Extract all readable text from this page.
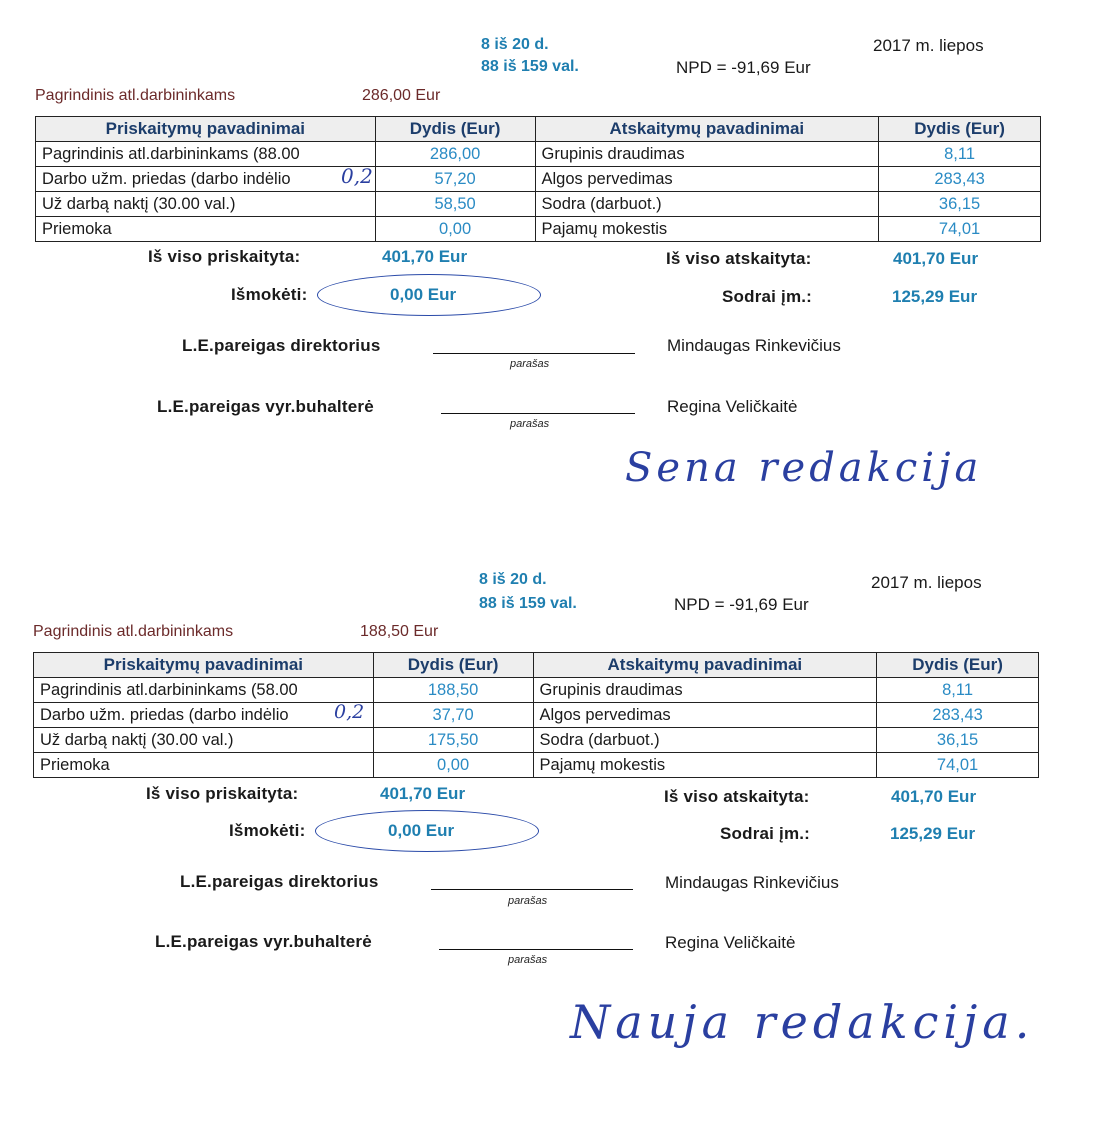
8 iš 20 d.
88 iš 159 val.	NPD = -91,69 Eur
2017 m. liepos
Pagrindinis atl.darbininkams	286,00 Eur
Priskaitymų pavadinimai	Dydis (Eur)	Atskaitymų pavadinimai	Dydis (Eur)
Pagrindinis atl.darbininkams (88.00	286,00	Grupinis draudimas	8,11
Darbo užm. priedas (darbo indėlio 0,2	57,20	Algos pervedimas	283,43
Už darbą naktį (30.00 val.)	58,50	Sodra (darbuot.)	36,15
Priemoka	0,00	Pajamų mokestis	74,01
Iš viso priskaityta:	401,70 Eur	Iš viso atskaityta:	401,70 Eur
Išmokėti:	0,00 Eur	Sodrai įm.:	125,29 Eur
L.E.pareigas direktorius
parašas
Mindaugas Rinkevičius
L.E.pareigas vyr.buhalterė
parašas
Regina Veličkaitė
Sena redakcija
8 iš 20 d.
88 iš 159 val.	NPD = -91,69 Eur
2017 m. liepos
Pagrindinis atl.darbininkams	188,50 Eur
Priskaitymų pavadinimai	Dydis (Eur)	Atskaitymų pavadinimai	Dydis (Eur)
Pagrindinis atl.darbininkams (58.00	188,50	Grupinis draudimas	8,11
Darbo užm. priedas (darbo indėlio 0,2	37,70	Algos pervedimas	283,43
Už darbą naktį (30.00 val.)	175,50	Sodra (darbuot.)	36,15
Priemoka	0,00	Pajamų mokestis	74,01
Iš viso priskaityta:	401,70 Eur	Iš viso atskaityta:	401,70 Eur
Išmokėti:	0,00 Eur	Sodrai įm.:	125,29 Eur
L.E.pareigas direktorius
parašas
Mindaugas Rinkevičius
L.E.pareigas vyr.buhalterė
parašas
Regina Veličkaitė
Nauja redakcija.
